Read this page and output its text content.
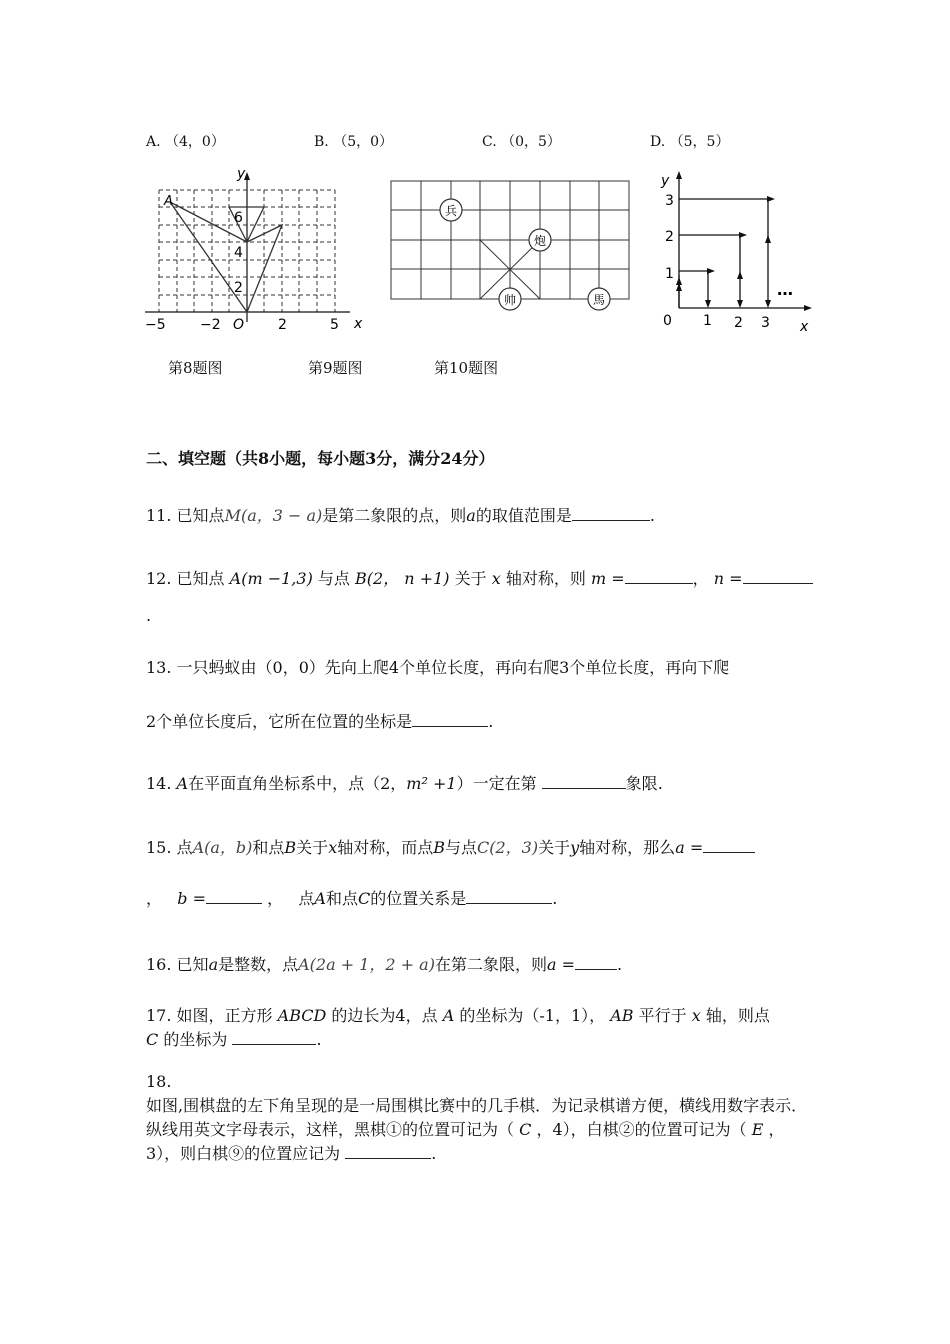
A. （4，0）	B. （5，0）	C. （0，5）	D. （5，5）
y
x
A
O
−5 −2	2	5
2
4
6	兵
炮
帅	馬
y
x
0 1 2 3
1
2
3
…
第8题图	第9题图	第10题图
二、填空题（共8小题，每小题3分，满分24分）
11. 已知点M(a，3 − a)是第二象限的点，则a的取值范围是	.
12. 已知点 A(m −1,3) 与点 B(2， n +1) 关于 x 轴对称，则 m =	， n =
.
13. 一只蚂蚁由（0，0）先向上爬4个单位长度，再向右爬3个单位长度，再向下爬
2个单位长度后，它所在位置的坐标是	.
14. A在平面直角坐标系中，点（2，m² +1）一定在第	象限.
15. 点A(a，b)和点B关于x轴对称，而点B与点C(2，3)关于y轴对称，那么a =
， b =	， 点A和点C的位置关系是	.
16. 已知a是整数，点A(2a + 1，2 + a)在第二象限，则a =	.
17. 如图，正方形 ABCD 的边长为4，点 A 的坐标为（-1，1）， AB 平行于 x 轴，则点
C 的坐标为	.
18.
如图,围棋盘的左下角呈现的是一局围棋比赛中的几手棋．为记录棋谱方便，横线用数字表示．纵线用英文字母表示，这样，黑棋①的位置可记为（ C ，4），白棋②的位置可记为（ E ，3），则白棋⑨的位置应记为	.
